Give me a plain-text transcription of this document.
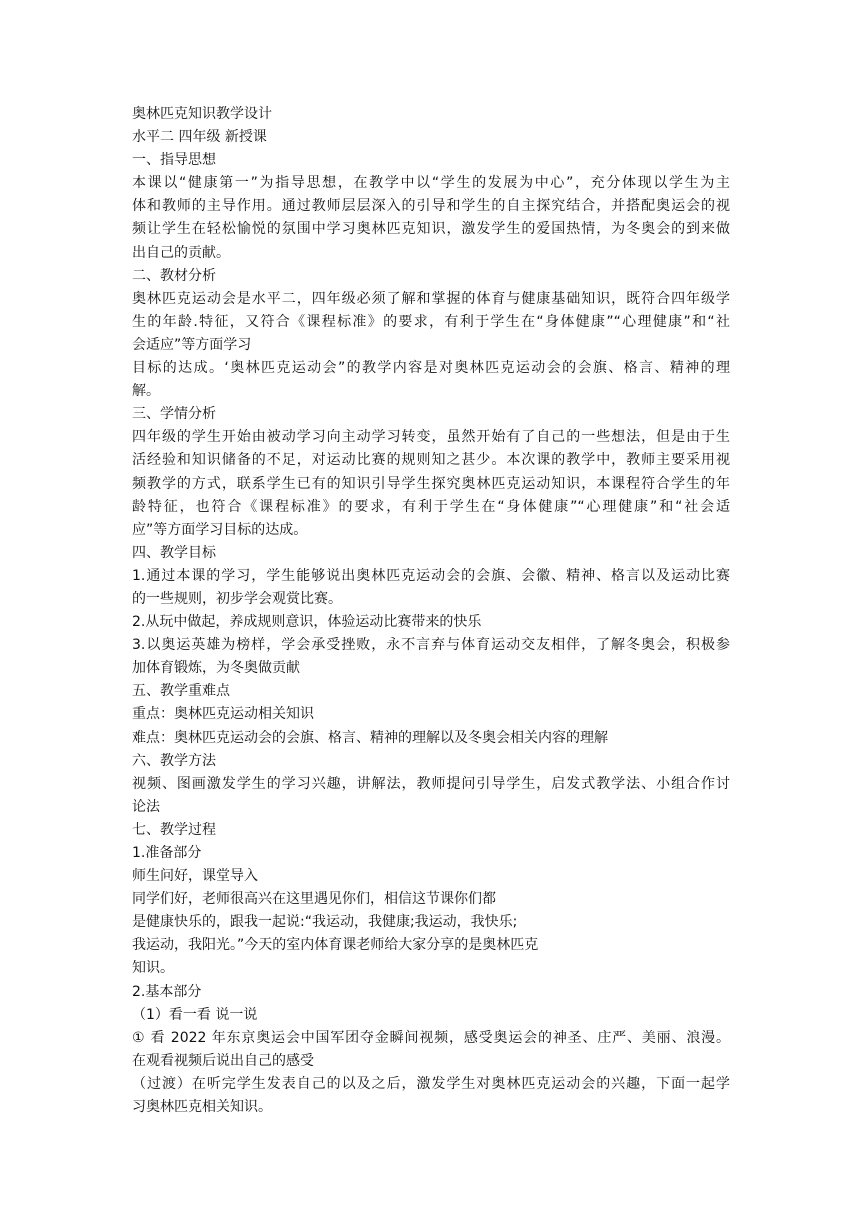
奥林匹克知识教学设计
水平二 四年级 新授课
一、指导思想
本课以“健康第一”为指导思想，在教学中以“学生的发展为中心”，充分体现以学生为主
体和教师的主导作用。通过教师层层深入的引导和学生的自主探究结合，并搭配奥运会的视
频让学生在轻松愉悦的氛围中学习奥林匹克知识，激发学生的爱国热情，为冬奥会的到来做
出自己的贡献。
二、教材分析
奥林匹克运动会是水平二，四年级必须了解和掌握的体育与健康基础知识，既符合四年级学
生的年龄.特征，又符合《课程标准》的要求，有利于学生在“身体健康”“心理健康”和“社
会适应”等方面学习
目标的达成。‘奥林匹克运动会”的教学内容是对奥林匹克运动会的会旗、格言、精神的理
解。
三、学情分析
四年级的学生开始由被动学习向主动学习转变，虽然开始有了自己的一些想法，但是由于生
活经验和知识储备的不足，对运动比赛的规则知之甚少。本次课的教学中，教师主要采用视
频教学的方式，联系学生已有的知识引导学生探究奥林匹克运动知识，本课程符合学生的年
龄特征，也符合《课程标准》的要求，有利于学生在“身体健康”“心理健康”和“社会适
应”等方面学习目标的达成。
四、教学目标
1.通过本课的学习，学生能够说出奥林匹克运动会的会旗、会徽、精神、格言以及运动比赛
的一些规则，初步学会观赏比赛。
2.从玩中做起，养成规则意识，体验运动比赛带来的快乐
3.以奥运英雄为榜样，学会承受挫败，永不言弃与体育运动交友相伴，了解冬奥会，积极参
加体育锻炼，为冬奥做贡献
五、教学重难点
重点：奥林匹克运动相关知识
难点：奥林匹克运动会的会旗、格言、精神的理解以及冬奥会相关内容的理解
六、教学方法
视频、图画激发学生的学习兴趣，讲解法，教师提问引导学生，启发式教学法、小组合作讨
论法
七、教学过程
1.准备部分
师生问好，课堂导入
同学们好，老师很高兴在这里遇见你们，相信这节课你们都
是健康快乐的，跟我一起说:“我运动，我健康;我运动，我快乐;
我运动，我阳光。”今天的室内体育课老师给大家分享的是奥林匹克
知识。
2.基本部分
（1）看一看 说一说
① 看 2022 年东京奥运会中国军团夺金瞬间视频，感受奥运会的神圣、庄严、美丽、浪漫。
在观看视频后说出自己的感受
（过渡）在听完学生发表自己的以及之后，激发学生对奥林匹克运动会的兴趣，下面一起学
习奥林匹克相关知识。
